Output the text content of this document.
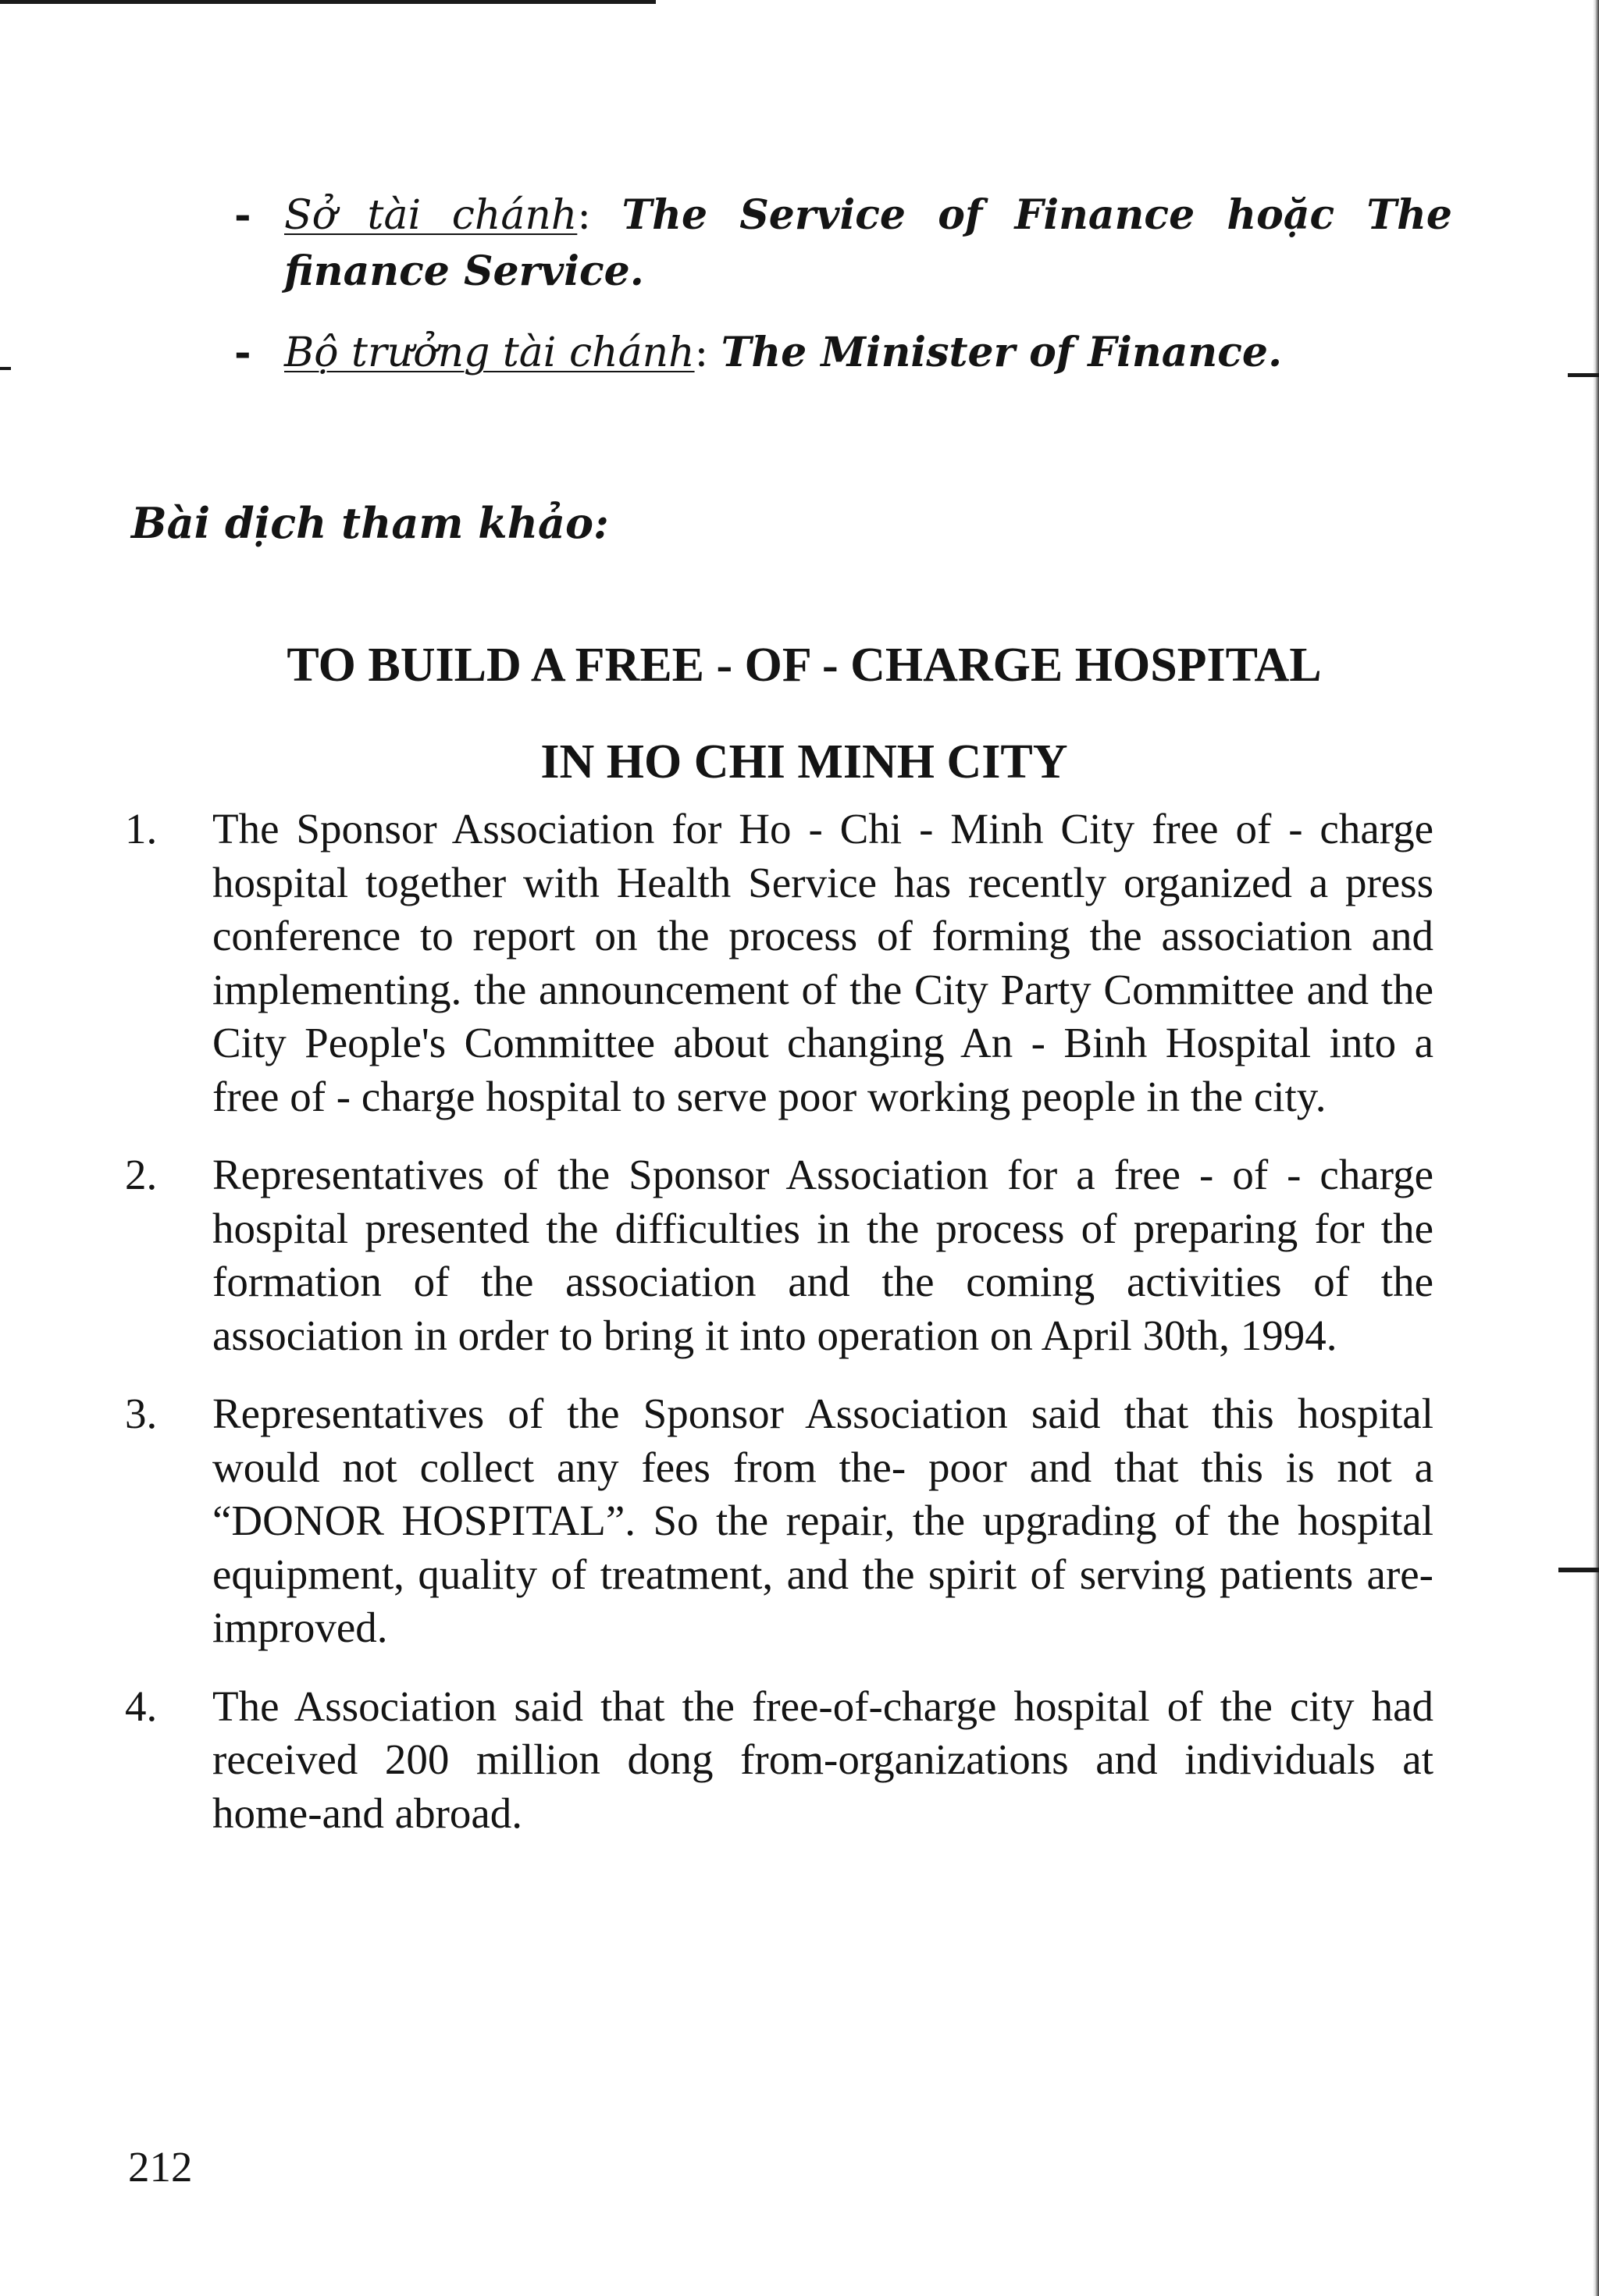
- Sở tài chánh: The Service of Finance hoặc The finance Service.
- Bộ trưởng tài chánh: The Minister of Finance.
Bài dịch tham khảo:
TO BUILD A FREE - OF - CHARGE HOSPITAL
IN HO CHI MINH CITY
1. The Sponsor Association for Ho - Chi - Minh City free of - charge hospital together with Health Service has recently organized a press conference to report on the process of forming the association and implementing. the announcement of the City Party Committee and the City People's Committee about changing An - Binh Hospital into a free of - charge hospital to serve poor working people in the city.
2. Representatives of the Sponsor Association for a free - of - charge hospital presented the difficulties in the process of preparing for the formation of the association and the coming activities of the association in order to bring it into operation on April 30th, 1994.
3. Representatives of the Sponsor Association said that this hospital would not collect any fees from the- poor and that this is not a “DONOR HOSPITAL”. So the repair, the upgrading of the hospital equipment, quality of treatment, and the spirit of serving patients are- improved.
4. The Association said that the free-of-charge hospital of the city had received 200 million dong from-organizations and individuals at home-and abroad.
212
